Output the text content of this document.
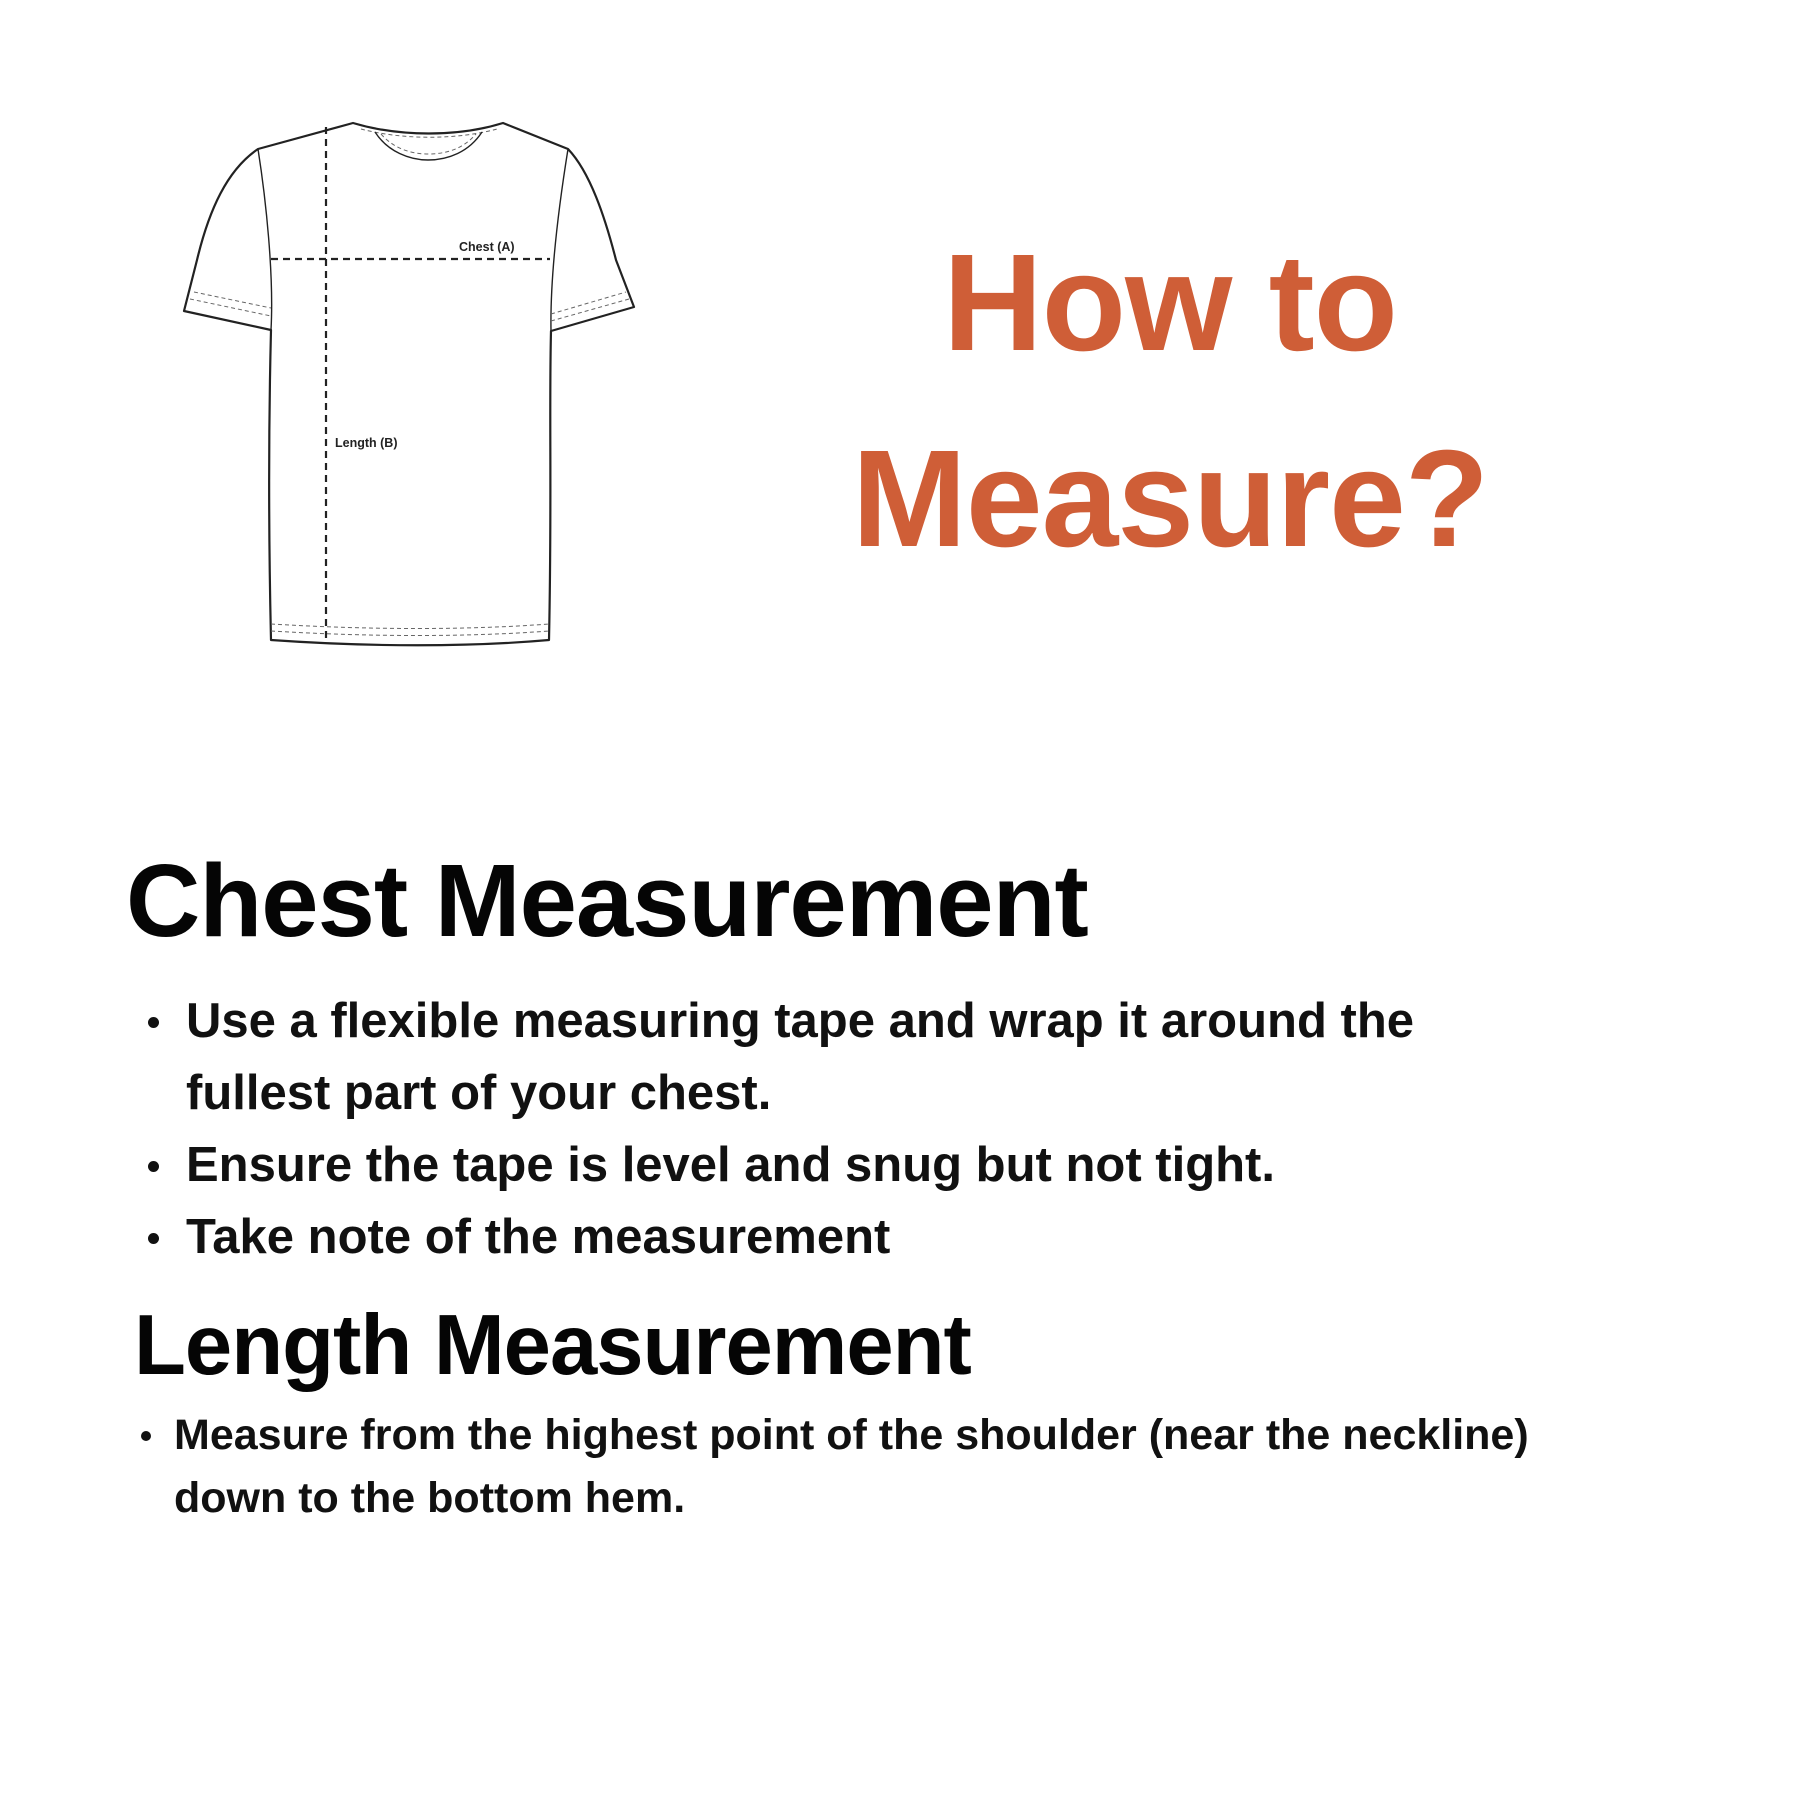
Chest (A)
Length (B)
How to
Measure?
Chest Measurement
Use a flexible measuring tape and wrap it around the fullest part of your chest.
Ensure the tape is level and snug but not tight.
Take note of the measurement
Length Measurement
Measure from the highest point of the shoulder (near the neckline) down to the bottom hem.
